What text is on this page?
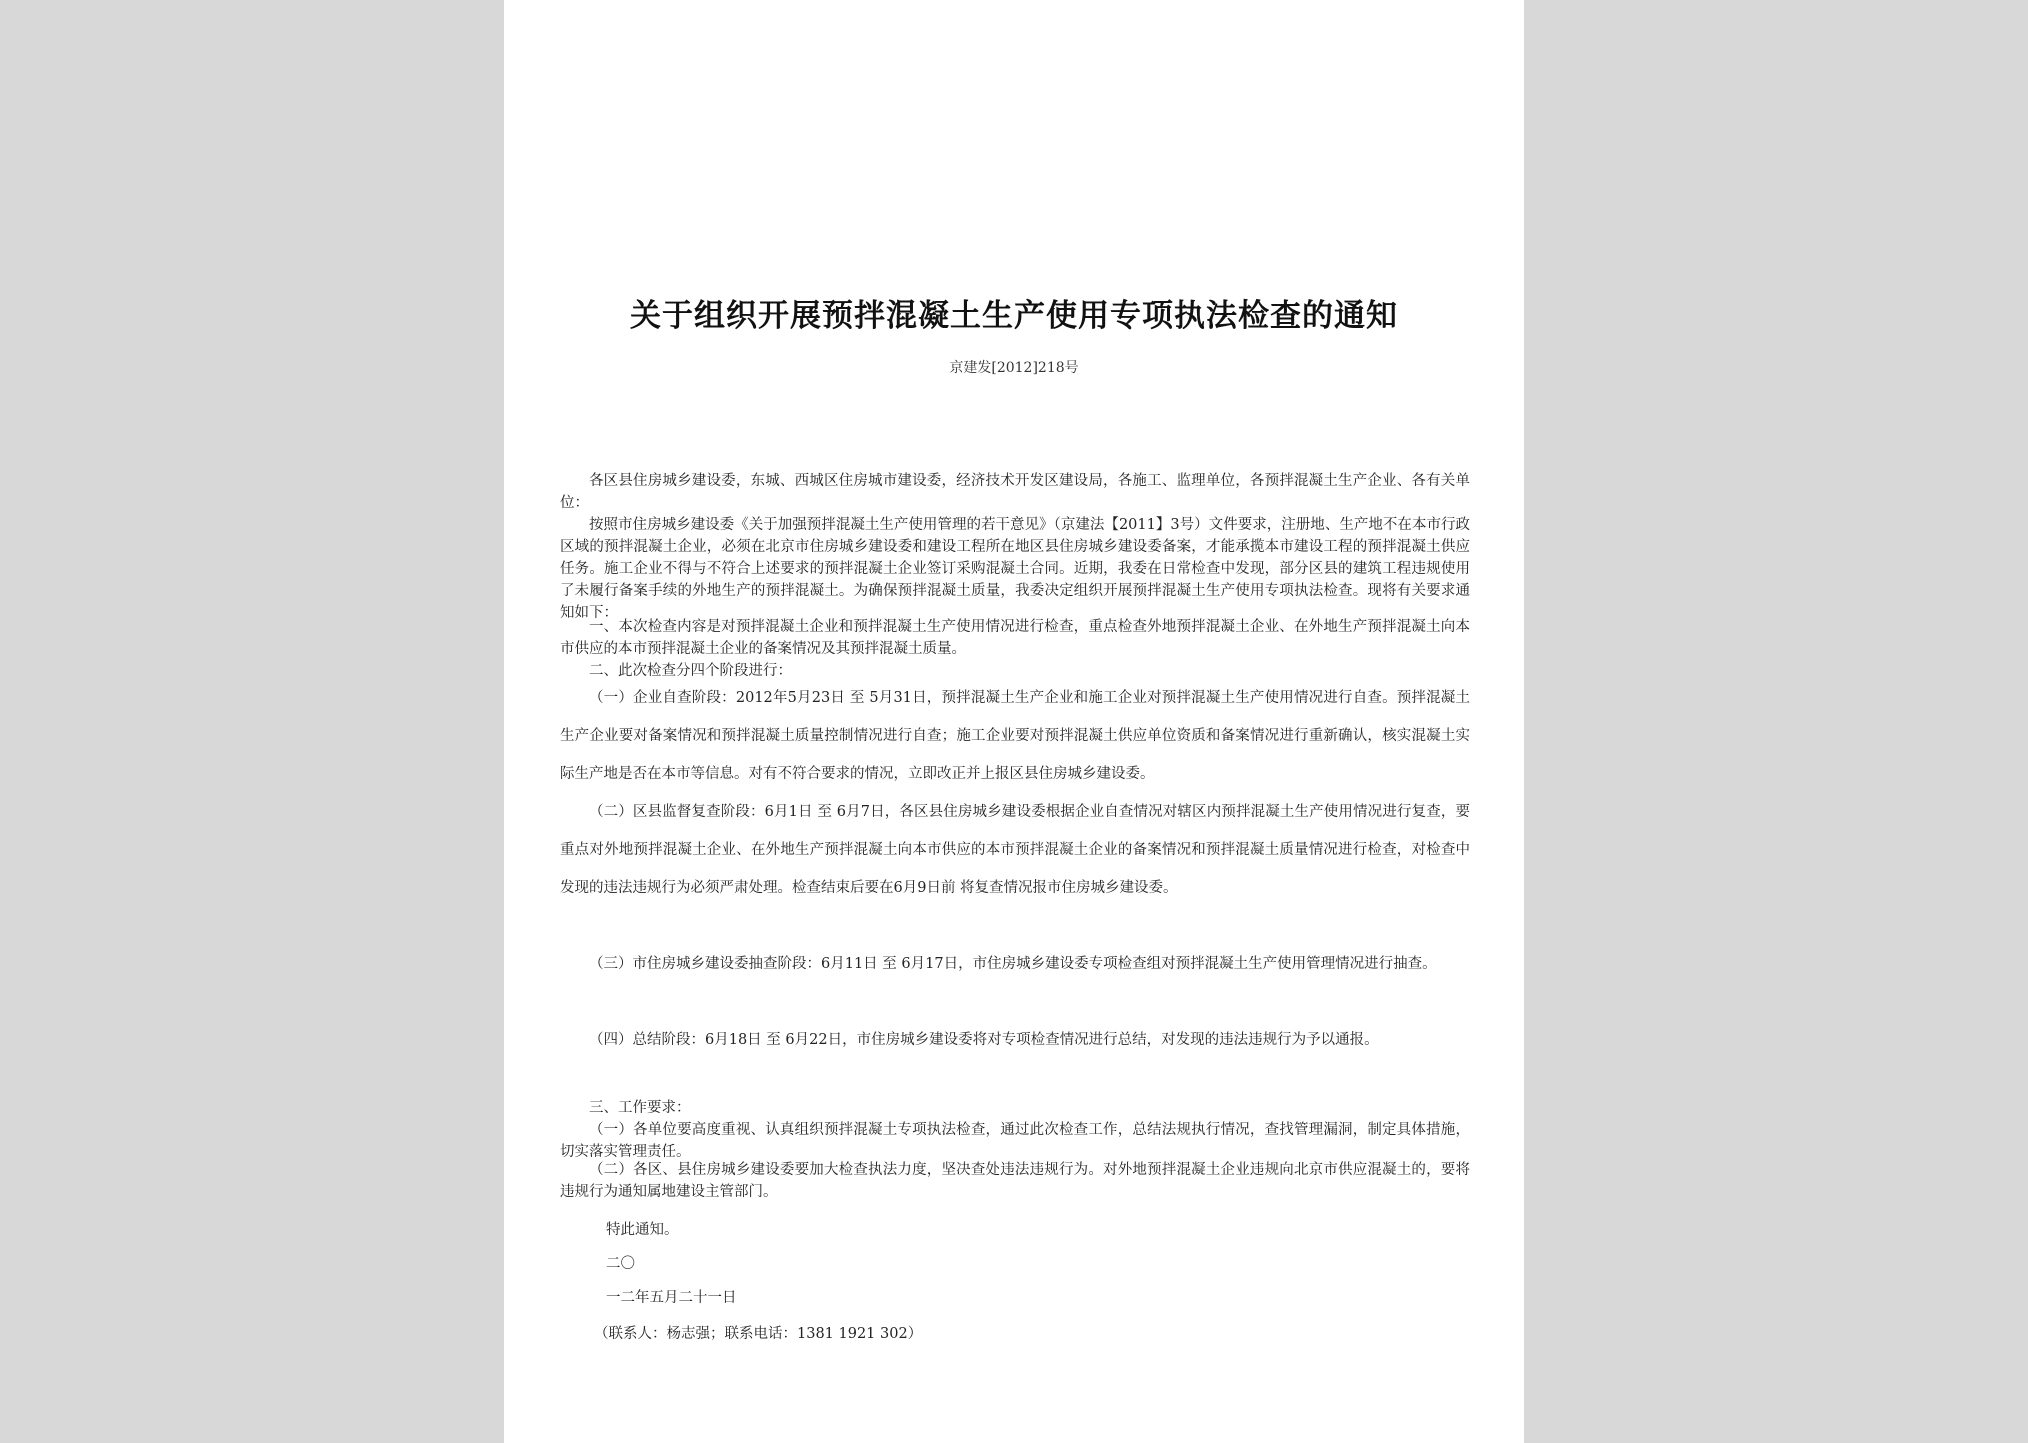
关于组织开展预拌混凝土生产使用专项执法检查的通知
京建发[2012]218号
各区县住房城乡建设委，东城、西城区住房城市建设委，经济技术开发区建设局，各施工、监理单位，各预拌混凝土生产企业、各有关单位：
按照市住房城乡建设委《关于加强预拌混凝土生产使用管理的若干意见》（京建法【2011】3号）文件要求，注册地、生产地不在本市行政区域的预拌混凝土企业，必须在北京市住房城乡建设委和建设工程所在地区县住房城乡建设委备案，才能承揽本市建设工程的预拌混凝土供应任务。施工企业不得与不符合上述要求的预拌混凝土企业签订采购混凝土合同。近期，我委在日常检查中发现，部分区县的建筑工程违规使用了未履行备案手续的外地生产的预拌混凝土。为确保预拌混凝土质量，我委决定组织开展预拌混凝土生产使用专项执法检查。现将有关要求通知如下：
一、本次检查内容是对预拌混凝土企业和预拌混凝土生产使用情况进行检查，重点检查外地预拌混凝土企业、在外地生产预拌混凝土向本市供应的本市预拌混凝土企业的备案情况及其预拌混凝土质量。
二、此次检查分四个阶段进行：
（一）企业自查阶段：2012年5月23日 至 5月31日，预拌混凝土生产企业和施工企业对预拌混凝土生产使用情况进行自查。预拌混凝土生产企业要对备案情况和预拌混凝土质量控制情况进行自查；施工企业要对预拌混凝土供应单位资质和备案情况进行重新确认，核实混凝土实际生产地是否在本市等信息。对有不符合要求的情况，立即改正并上报区县住房城乡建设委。
（二）区县监督复查阶段：6月1日 至 6月7日，各区县住房城乡建设委根据企业自查情况对辖区内预拌混凝土生产使用情况进行复查，要重点对外地预拌混凝土企业、在外地生产预拌混凝土向本市供应的本市预拌混凝土企业的备案情况和预拌混凝土质量情况进行检查，对检查中发现的违法违规行为必须严肃处理。检查结束后要在6月9日前 将复查情况报市住房城乡建设委。
（三）市住房城乡建设委抽查阶段：6月11日 至 6月17日，市住房城乡建设委专项检查组对预拌混凝土生产使用管理情况进行抽查。
（四）总结阶段：6月18日 至 6月22日，市住房城乡建设委将对专项检查情况进行总结，对发现的违法违规行为予以通报。
三、工作要求：
（一）各单位要高度重视、认真组织预拌混凝土专项执法检查，通过此次检查工作，总结法规执行情况，查找管理漏洞，制定具体措施，切实落实管理责任。
（二）各区、县住房城乡建设委要加大检查执法力度，坚决查处违法违规行为。对外地预拌混凝土企业违规向北京市供应混凝土的，要将违规行为通知属地建设主管部门。
特此通知。
二〇
一二年五月二十一日
（联系人：杨志强；联系电话：1381 1921 302）
